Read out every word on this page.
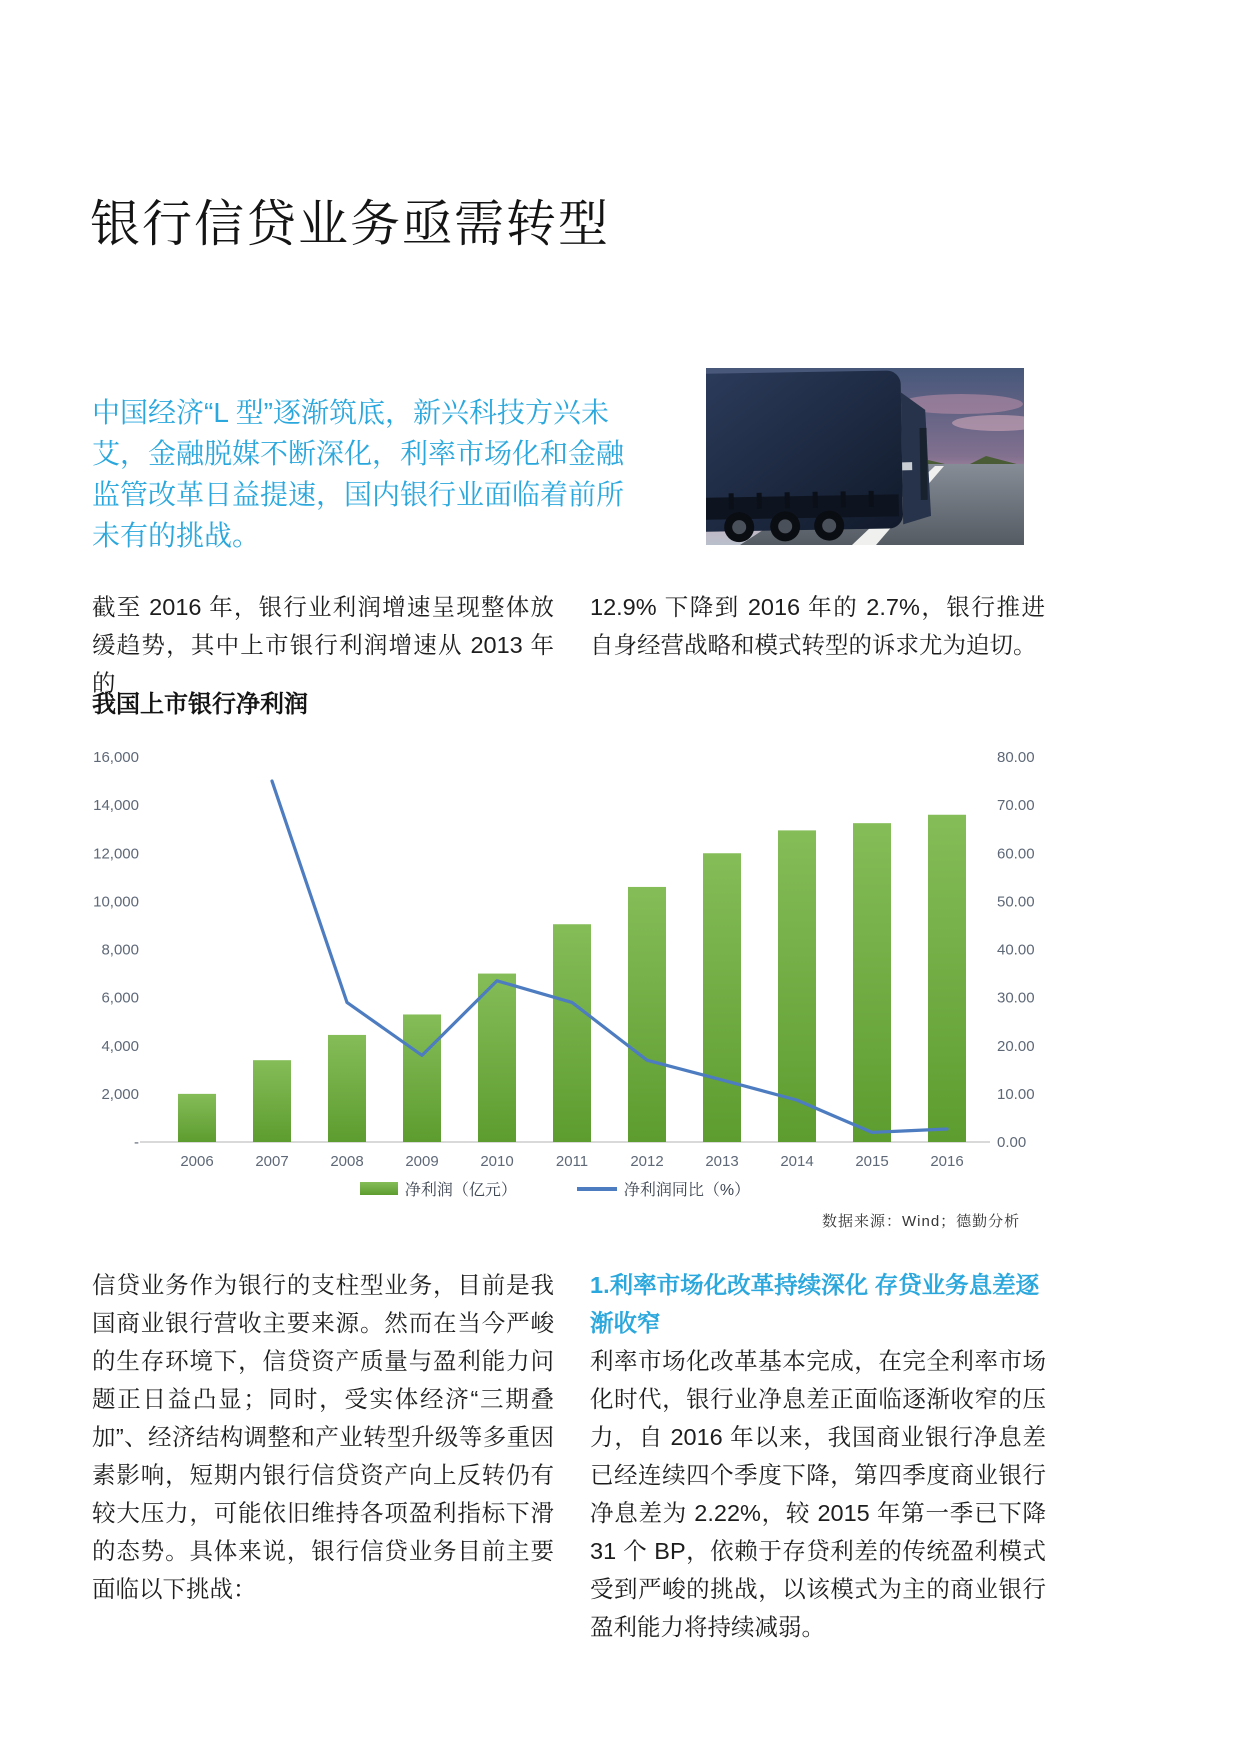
银行信贷业务亟需转型

中国经济“L 型”逐渐筑底，新兴科技方兴未艾，金融脱媒不断深化，利率市场化和金融监管改革日益提速，国内银行业面临着前所未有的挑战。

截至 2016 年，银行业利润增速呈现整体放缓趋势，其中上市银行利润增速从 2013 年的
12.9% 下降到 2016 年的 2.7%，银行推进自身经营战略和模式转型的诉求尤为迫切。
我国上市银行净利润
16,000
14,000
12,000
10,000
8,000
6,000
4,000
2,000
-
80.00
70.00
60.00
50.00
40.00
30.00
20.00
10.00
0.00
2006	2007	2008	2009	2010	2011	2012	2013	2014	2015	2016
净利润（亿元）	净利润同比（%）
数据来源：Wind；德勤分析
信贷业务作为银行的支柱型业务，目前是我国商业银行营收主要来源。然而在当今严峻的生存环境下，信贷资产质量与盈利能力问题正日益凸显；同时，受实体经济“三期叠加”、经济结构调整和产业转型升级等多重因素影响，短期内银行信贷资产向上反转仍有较大压力，可能依旧维持各项盈利指标下滑的态势。具体来说，银行信贷业务目前主要面临以下挑战：
1.利率市场化改革持续深化 存贷业务息差逐渐收窄
利率市场化改革基本完成，在完全利率市场化时代，银行业净息差正面临逐渐收窄的压力，自 2016 年以来，我国商业银行净息差已经连续四个季度下降，第四季度商业银行净息差为 2.22%，较 2015 年第一季已下降 31 个 BP，依赖于存贷利差的传统盈利模式受到严峻的挑战，以该模式为主的商业银行盈利能力将持续减弱。
